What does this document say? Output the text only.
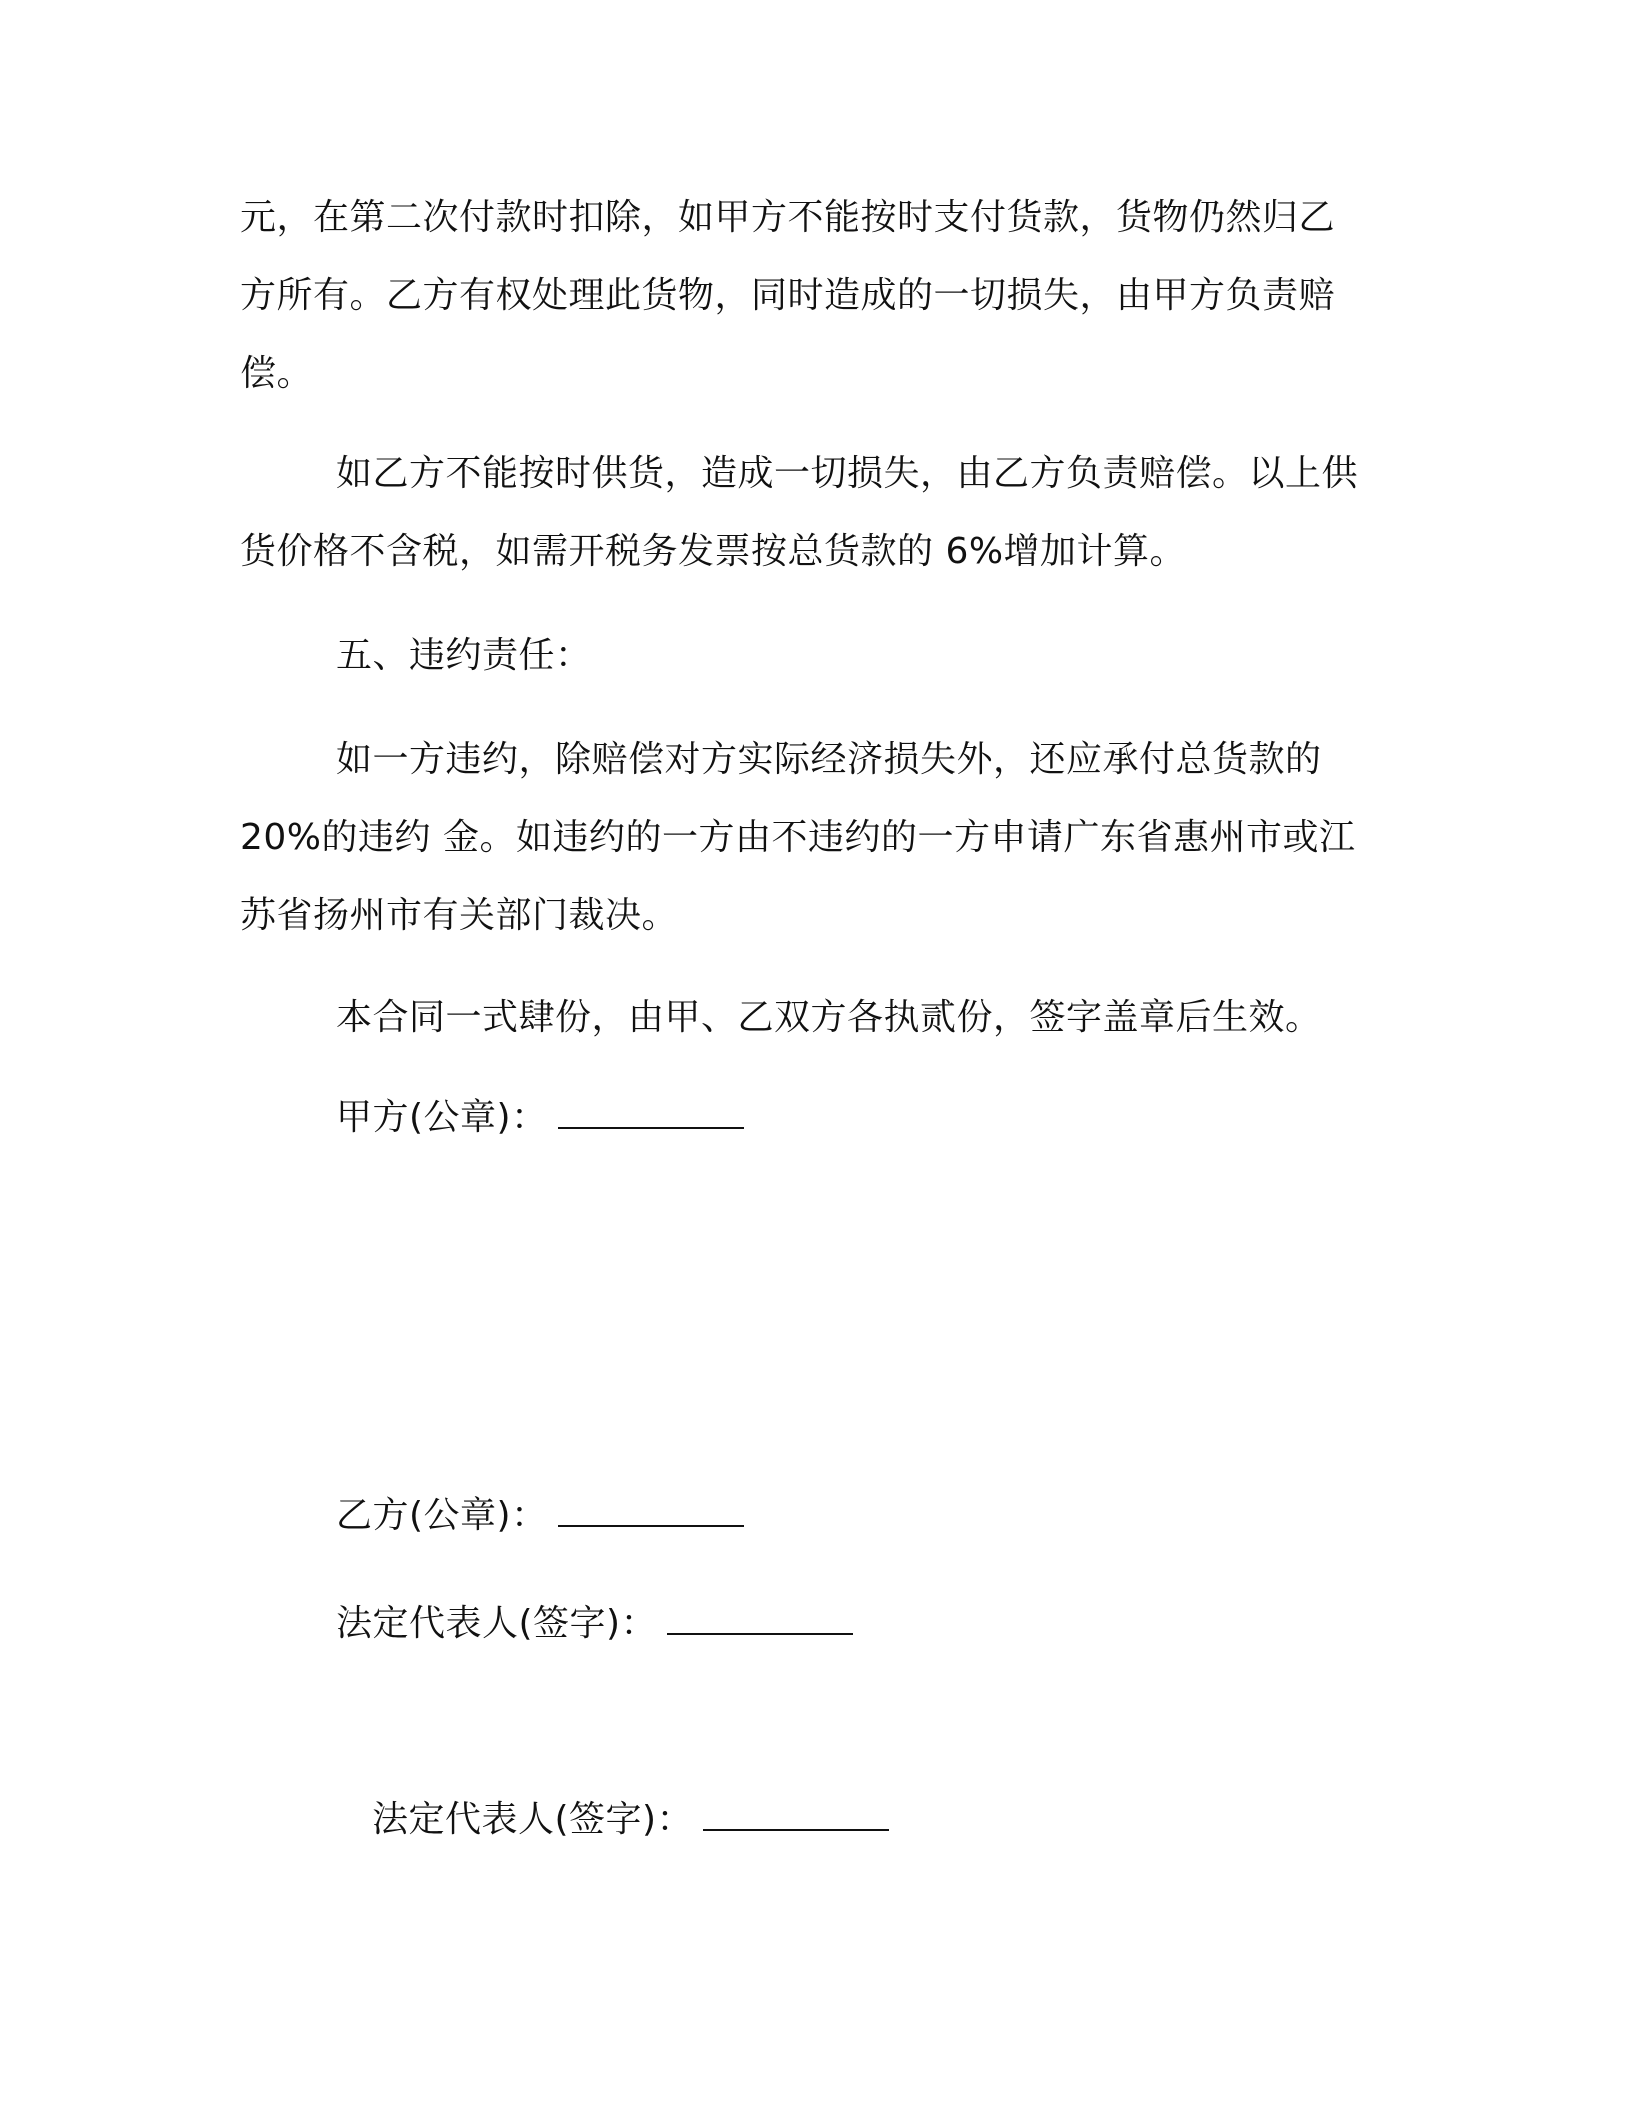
元，在第二次付款时扣除，如甲方不能按时支付货款，货物仍然归乙
方所有。乙方有权处理此货物，同时造成的一切损失，由甲方负责赔
偿。
如乙方不能按时供货，造成一切损失，由乙方负责赔偿。以上供
货价格不含税，如需开税务发票按总货款的 6%增加计算。
五、违约责任：
如一方违约，除赔偿对方实际经济损失外，还应承付总货款的
20%的违约 金。如违约的一方由不违约的一方申请广东省惠州市或江
苏省扬州市有关部门裁决。
本合同一式肆份，由甲、乙双方各执贰份，签字盖章后生效。
甲方(公章)：
乙方(公章)：
法定代表人(签字)：
法定代表人(签字)：
